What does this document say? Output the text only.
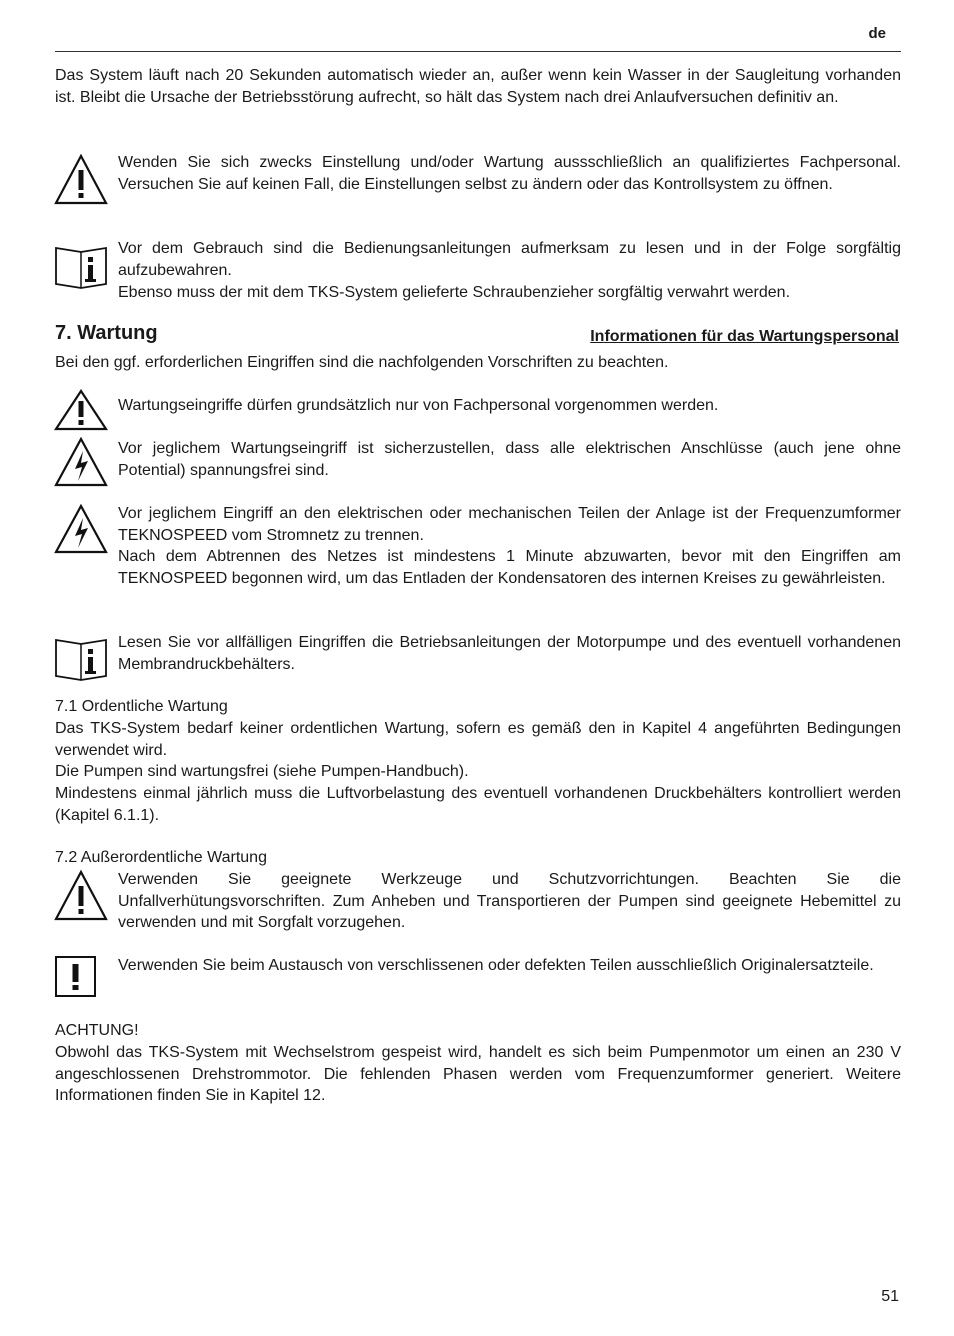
de
Das System läuft nach 20 Sekunden automatisch wieder an, außer wenn kein Wasser in der Saugleitung vorhanden ist. Bleibt die Ursache der Betriebsstörung aufrecht, so hält das System nach drei Anlaufversuchen definitiv an.
Wenden Sie sich zwecks Einstellung und/oder Wartung aussschließlich an qualifiziertes Fachpersonal. Versuchen Sie auf keinen Fall, die Einstellungen selbst zu ändern oder das Kontrollsystem zu öffnen.
Vor dem Gebrauch sind die Bedienungsanleitungen aufmerksam zu lesen und in der Folge sorgfältig aufzubewahren.
Ebenso muss der mit dem TKS-System gelieferte Schraubenzieher sorgfältig verwahrt werden.
7. Wartung	Informationen für das Wartungspersonal
Bei den ggf. erforderlichen Eingriffen sind die nachfolgenden Vorschriften zu beachten.
Wartungseingriffe dürfen grundsätzlich nur von Fachpersonal vorgenommen werden.
Vor jeglichem Wartungseingriff ist sicherzustellen, dass alle elektrischen Anschlüsse (auch jene ohne Potential) spannungsfrei sind.
Vor jeglichem Eingriff an den elektrischen oder mechanischen Teilen der Anlage ist der Frequenzumformer TEKNOSPEED vom Stromnetz zu trennen.
Nach dem Abtrennen des Netzes ist mindestens 1 Minute abzuwarten, bevor mit den Eingriffen am TEKNOSPEED begonnen wird, um das Entladen der Kondensatoren des internen Kreises zu gewährleisten.
Lesen Sie vor allfälligen Eingriffen die Betriebsanleitungen der Motorpumpe und des eventuell vorhandenen Membrandruckbehälters.
7.1 Ordentliche Wartung
Das TKS-System bedarf keiner ordentlichen Wartung, sofern es gemäß den in Kapitel 4 angeführten Bedingungen verwendet wird.
Die Pumpen sind wartungsfrei (siehe Pumpen-Handbuch).
Mindestens einmal jährlich muss die Luftvorbelastung des eventuell vorhandenen Druckbehälters kontrolliert werden (Kapitel 6.1.1).
7.2 Außerordentliche Wartung
Verwenden Sie geeignete Werkzeuge und Schutzvorrichtungen. Beachten Sie die Unfallverhütungsvorschriften. Zum Anheben und Transportieren der Pumpen sind geeignete Hebemittel zu verwenden und mit Sorgfalt vorzugehen.
Verwenden Sie beim Austausch von verschlissenen oder defekten Teilen ausschließlich Originalersatzteile.
ACHTUNG!
Obwohl das TKS-System mit Wechselstrom gespeist wird, handelt es sich beim Pumpenmotor um einen an 230 V angeschlossenen Drehstrommotor. Die fehlenden Phasen werden vom Frequenzumformer generiert. Weitere Informationen finden Sie in Kapitel 12.
51
